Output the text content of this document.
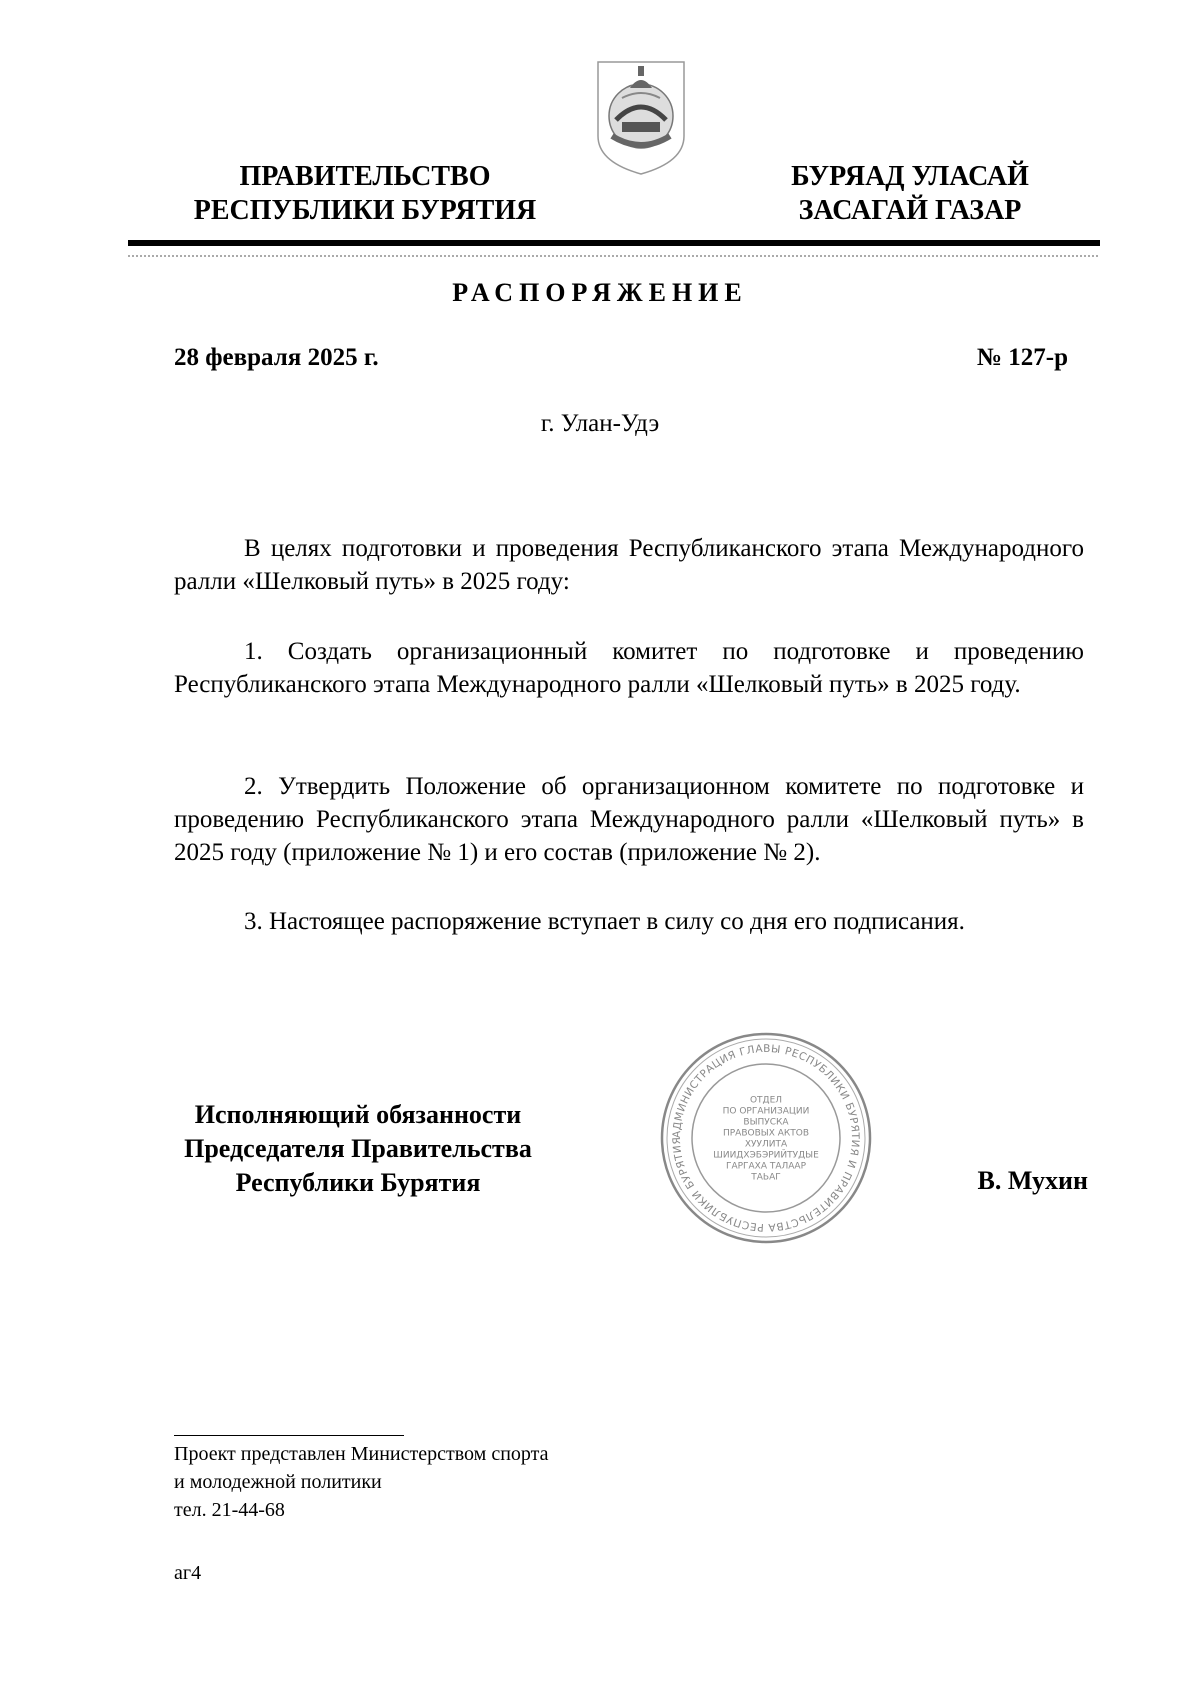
ПРАВИТЕЛЬСТВО
РЕСПУБЛИКИ БУРЯТИЯ
БУРЯАД УЛАСАЙ
ЗАСАГАЙ ГАЗАР
РАСПОРЯЖЕНИЕ
28 февраля 2025 г.	№ 127-р
г. Улан-Удэ

В целях подготовки и проведения Республиканского этапа Международного ралли «Шелковый путь» в 2025 году:

1. Создать организационный комитет по подготовке и проведению Республиканского этапа Международного ралли «Шелковый путь» в 2025 году.

2. Утвердить Положение об организационном комитете по подготовке и проведению Республиканского этапа Международного ралли «Шелковый путь» в 2025 году (приложение № 1) и его состав (приложение № 2).

3. Настоящее распоряжение вступает в силу со дня его подписания.

Исполняющий обязанности
Председателя Правительства
Республики Бурятия
АДМИНИСТРАЦИЯ ГЛАВЫ РЕСПУБЛИКИ БУРЯТИЯ И ПРАВИТЕЛЬСТВА РЕСПУБЛИКИ БУРЯТИЯ
ОТДЕЛ
ПО ОРГАНИЗАЦИИ
ВЫПУСКА
ПРАВОВЫХ АКТОВ
ХУУЛИТА
ШИИДХЭБЭРИЙТУДЫЕ
ГАРГАХА ТАЛААР
ТАЬАГ	В. Мухин
Проект представлен Министерством спорта
и молодежной политики
тел. 21-44-68
аг4
